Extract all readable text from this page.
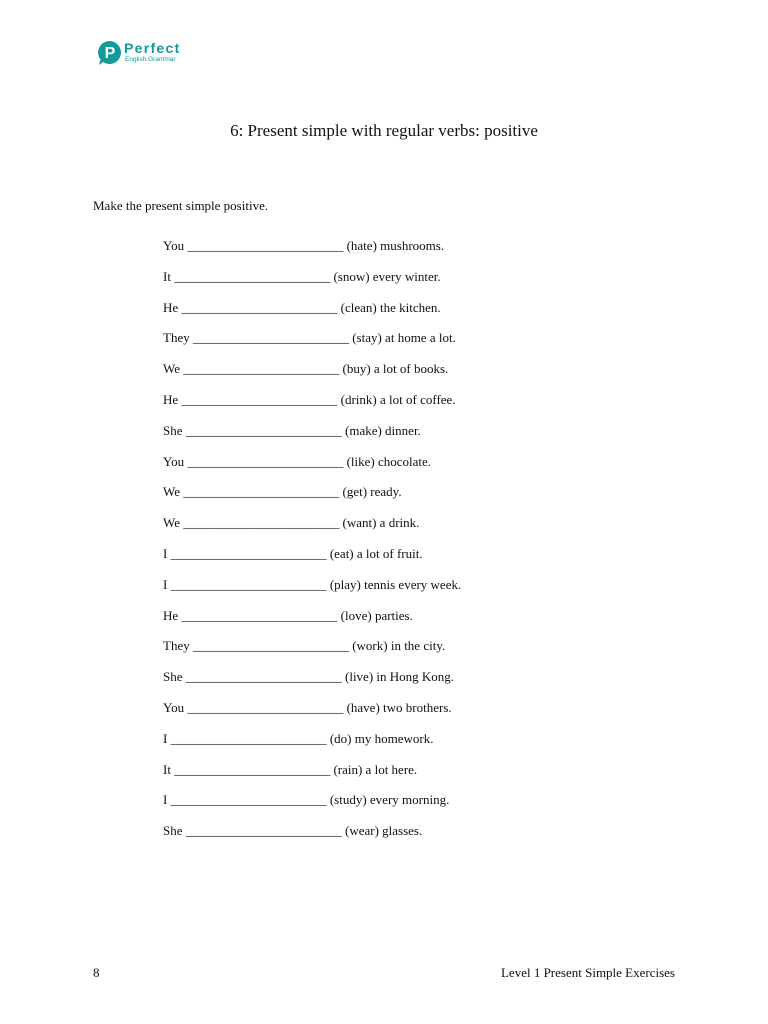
P Perfect
English Grammar
6: Present simple with regular verbs: positive
Make the present simple positive.
You ________________________ (hate) mushrooms.
It ________________________ (snow) every winter.
He ________________________ (clean) the kitchen.
They ________________________ (stay) at home a lot.
We ________________________ (buy) a lot of books.
He ________________________ (drink) a lot of coffee.
She ________________________ (make) dinner.
You ________________________ (like) chocolate.
We ________________________ (get) ready.
We ________________________ (want) a drink.
I ________________________ (eat) a lot of fruit.
I ________________________ (play) tennis every week.
He ________________________ (love) parties.
They ________________________ (work) in the city.
She ________________________ (live) in Hong Kong.
You ________________________ (have) two brothers.
I ________________________ (do) my homework.
It ________________________ (rain) a lot here.
I ________________________ (study) every morning.
She ________________________ (wear) glasses.
8	Level 1 Present Simple Exercises
